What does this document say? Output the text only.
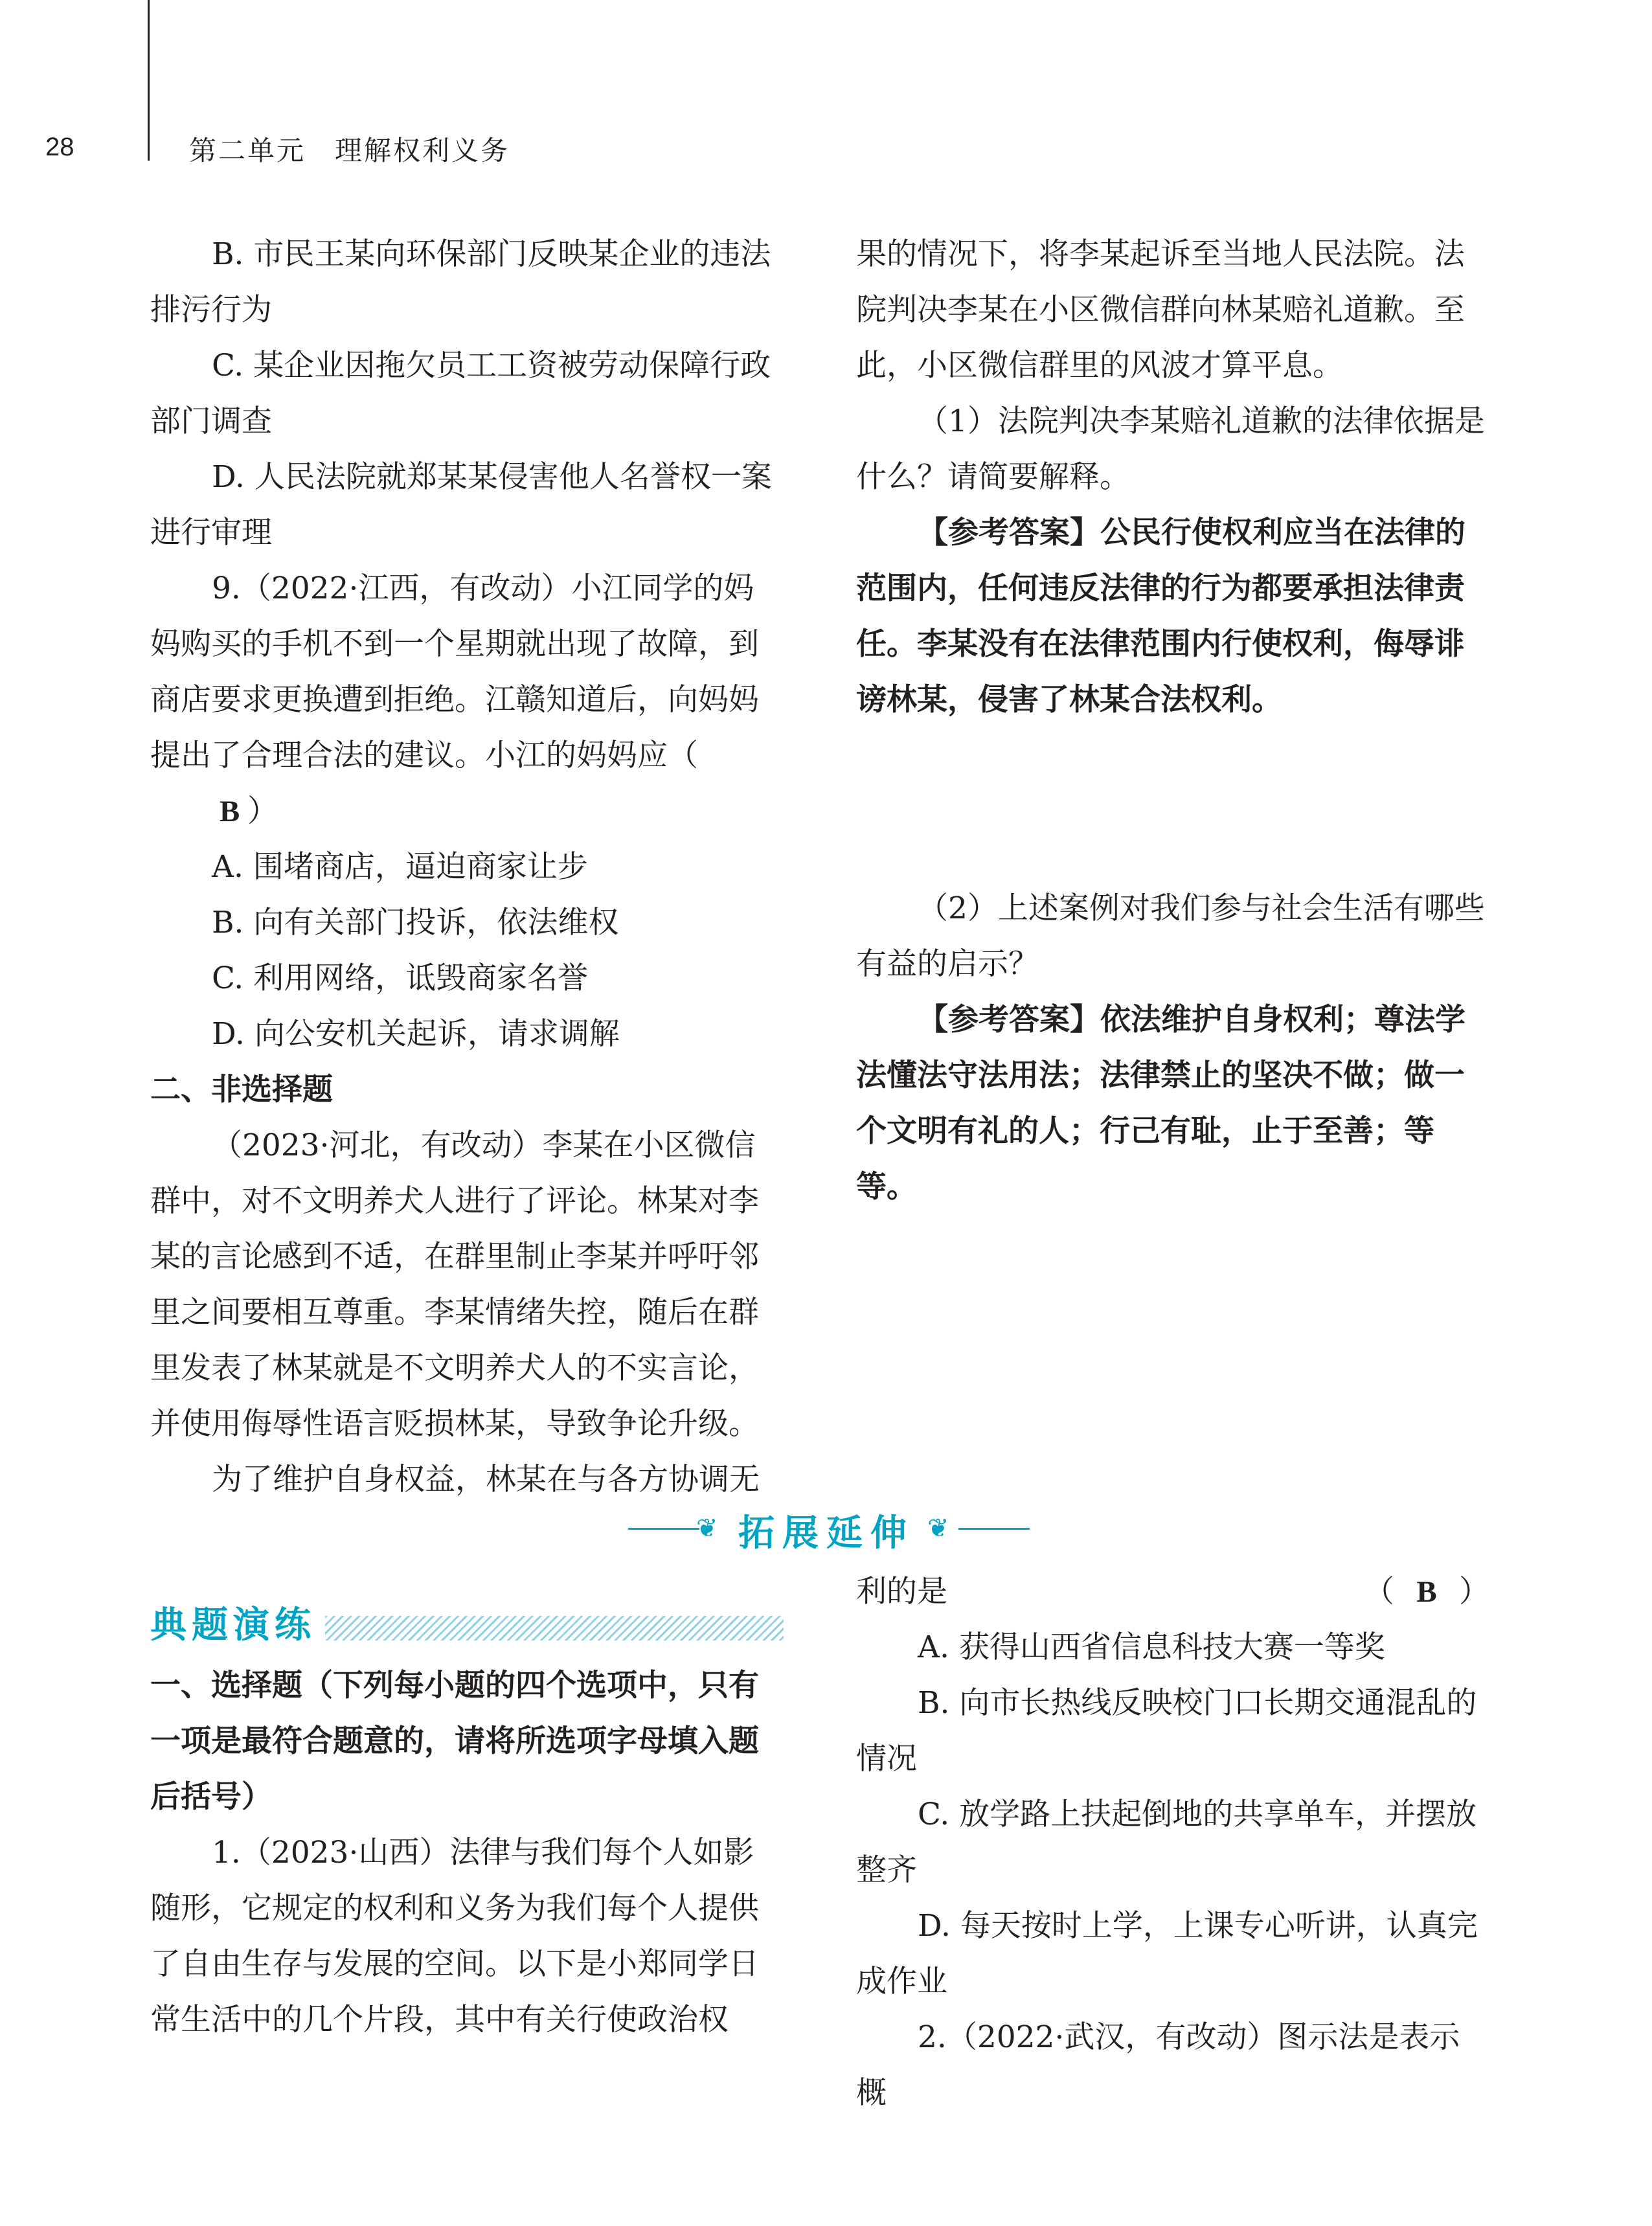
28	第二单元　理解权利义务

B. 市民王某向环保部门反映某企业的违法排污行为

C. 某企业因拖欠员工工资被劳动保障行政部门调查

D. 人民法院就郑某某侵害他人名誉权一案进行审理

9.（2022·江西，有改动）小江同学的妈妈购买的手机不到一个星期就出现了故障，到商店要求更换遭到拒绝。江赣知道后，向妈妈提出了合理合法的建议。小江的妈妈应（B ）

A. 围堵商店，逼迫商家让步

B. 向有关部门投诉，依法维权

C. 利用网络，诋毁商家名誉

D. 向公安机关起诉，请求调解

二、非选择题

（2023·河北，有改动）李某在小区微信群中，对不文明养犬人进行了评论。林某对李某的言论感到不适，在群里制止李某并呼吁邻里之间要相互尊重。李某情绪失控，随后在群里发表了林某就是不文明养犬人的不实言论，并使用侮辱性语言贬损林某，导致争论升级。

为了维护自身权益，林某在与各方协调无

果的情况下，将李某起诉至当地人民法院。法院判决李某在小区微信群向林某赔礼道歉。至此，小区微信群里的风波才算平息。

（1）法院判决李某赔礼道歉的法律依据是什么？请简要解释。

【参考答案】公民行使权利应当在法律的范围内，任何违反法律的行为都要承担法律责任。李某没有在法律范围内行使权利，侮辱诽谤林某，侵害了林某合法权利。

（2）上述案例对我们参与社会生活有哪些有益的启示？

【参考答案】依法维护自身权利；尊法学法懂法守法用法；法律禁止的坚决不做；做一个文明有礼的人；行己有耻，止于至善；等等。

❦ 拓展延伸 ❦
典题演练

一、选择题（下列每小题的四个选项中，只有一项是最符合题意的，请将所选项字母填入题后括号）

1.（2023·山西）法律与我们每个人如影随形，它规定的权利和义务为我们每个人提供了自由生存与发展的空间。以下是小郑同学日常生活中的几个片段，其中有关行使政治权

利的是	（ B ）

A. 获得山西省信息科技大赛一等奖

B. 向市长热线反映校门口长期交通混乱的情况

C. 放学路上扶起倒地的共享单车，并摆放整齐

D. 每天按时上学，上课专心听讲，认真完成作业

2.（2022·武汉，有改动）图示法是表示概
